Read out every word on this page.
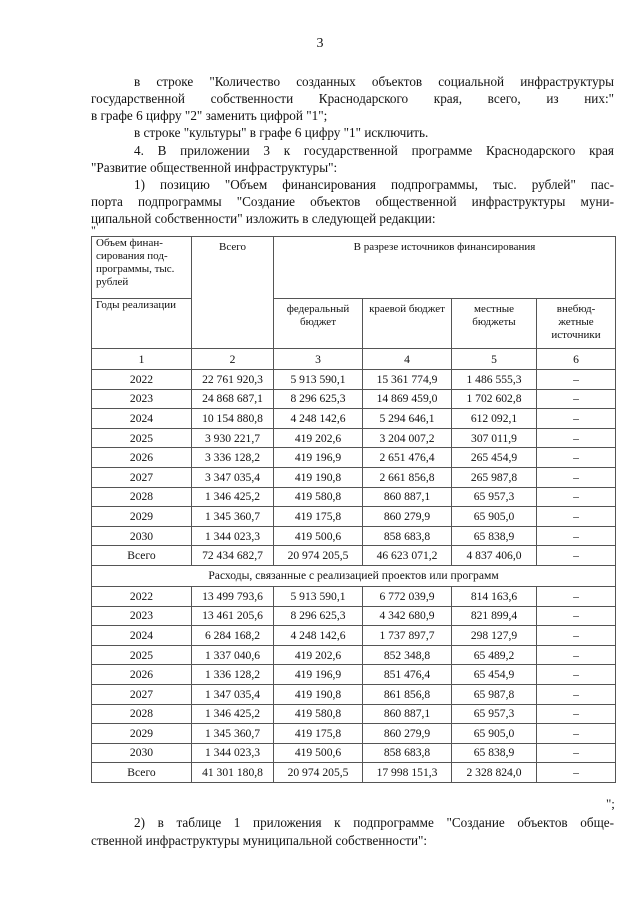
3
в строке "Количество созданных объектов социальной инфраструктуры
государственной собственности Краснодарского края, всего, из них:"
в графе 6 цифру "2" заменить цифрой "1";
в строке "культуры" в графе 6 цифру "1" исключить.
4. В приложении 3 к государственной программе Краснодарского края
"Развитие общественной инфраструктуры":
1) позицию "Объем финансирования подпрограммы, тыс. рублей" пас-
порта подпрограммы "Создание объектов общественной инфраструктуры муни-
ципальной собственности" изложить в следующей редакции:
"
Объем финан-сирования под-программы, тыс. рублей	Всего	В разрезе источников финансирования			
Годы реализации		федеральный бюджет	краевой бюджет	местные бюджеты	внебюд-жетные источники
1	2	3	4	5	6
2022	22 761 920,3	5 913 590,1	15 361 774,9	1 486 555,3	–
2023	24 868 687,1	8 296 625,3	14 869 459,0	1 702 602,8	–
2024	10 154 880,8	4 248 142,6	5 294 646,1	612 092,1	–
2025	3 930 221,7	419 202,6	3 204 007,2	307 011,9	–
2026	3 336 128,2	419 196,9	2 651 476,4	265 454,9	–
2027	3 347 035,4	419 190,8	2 661 856,8	265 987,8	–
2028	1 346 425,2	419 580,8	860 887,1	65 957,3	–
2029	1 345 360,7	419 175,8	860 279,9	65 905,0	–
2030	1 344 023,3	419 500,6	858 683,8	65 838,9	–
Всего	72 434 682,7	20 974 205,5	46 623 071,2	4 837 406,0	–
Расходы, связанные с реализацией проектов или программ					
2022	13 499 793,6	5 913 590,1	6 772 039,9	814 163,6	–
2023	13 461 205,6	8 296 625,3	4 342 680,9	821 899,4	–
2024	6 284 168,2	4 248 142,6	1 737 897,7	298 127,9	–
2025	1 337 040,6	419 202,6	852 348,8	65 489,2	–
2026	1 336 128,2	419 196,9	851 476,4	65 454,9	–
2027	1 347 035,4	419 190,8	861 856,8	65 987,8	–
2028	1 346 425,2	419 580,8	860 887,1	65 957,3	–
2029	1 345 360,7	419 175,8	860 279,9	65 905,0	–
2030	1 344 023,3	419 500,6	858 683,8	65 838,9	–
Всего	41 301 180,8	20 974 205,5	17 998 151,3	2 328 824,0	–
";
2) в таблице 1 приложения к подпрограмме "Создание объектов обще-
ственной инфраструктуры муниципальной собственности":
